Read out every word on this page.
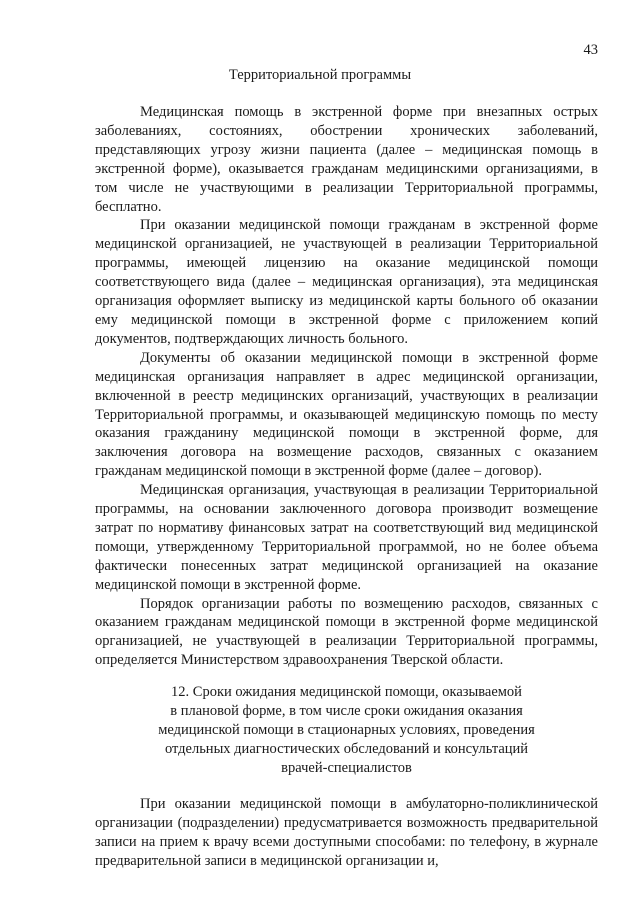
43
Территориальной программы

Медицинская помощь в экстренной форме при внезапных острых заболеваниях, состояниях, обострении хронических заболеваний, представляющих угрозу жизни пациента (далее – медицинская помощь в экстренной форме), оказывается гражданам медицинскими организациями, в том числе не участвующими в реализации Территориальной программы, бесплатно.

При оказании медицинской помощи гражданам в экстренной форме медицинской организацией, не участвующей в реализации Территориальной программы, имеющей лицензию на оказание медицинской помощи соответствующего вида (далее – медицинская организация), эта медицинская организация оформляет выписку из медицинской карты больного об оказании ему медицинской помощи в экстренной форме с приложением копий документов, подтверждающих личность больного.

Документы об оказании медицинской помощи в экстренной форме медицинская организация направляет в адрес медицинской организации, включенной в реестр медицинских организаций, участвующих в реализации Территориальной программы, и оказывающей медицинскую помощь по месту оказания гражданину медицинской помощи в экстренной форме, для заключения договора на возмещение расходов, связанных с оказанием гражданам медицинской помощи в экстренной форме (далее – договор).

Медицинская организация, участвующая в реализации Территориальной программы, на основании заключенного договора производит возмещение затрат по нормативу финансовых затрат на соответствующий вид медицинской помощи, утвержденному Территориальной программой, но не более объема фактически понесенных затрат медицинской организацией на оказание медицинской помощи в экстренной форме.

Порядок организации работы по возмещению расходов, связанных с оказанием гражданам медицинской помощи в экстренной форме медицинской организацией, не участвующей в реализации Территориальной программы, определяется Министерством здравоохранения Тверской области.

12. Сроки ожидания медицинской помощи, оказываемой
в плановой форме, в том числе сроки ожидания оказания
медицинской помощи в стационарных условиях, проведения
отдельных диагностических обследований и консультаций
врачей-специалистов

При оказании медицинской помощи в амбулаторно-поликлинической организации (подразделении) предусматривается возможность предварительной записи на прием к врачу всеми доступными способами: по телефону, в журнале предварительной записи в медицинской организации и,
